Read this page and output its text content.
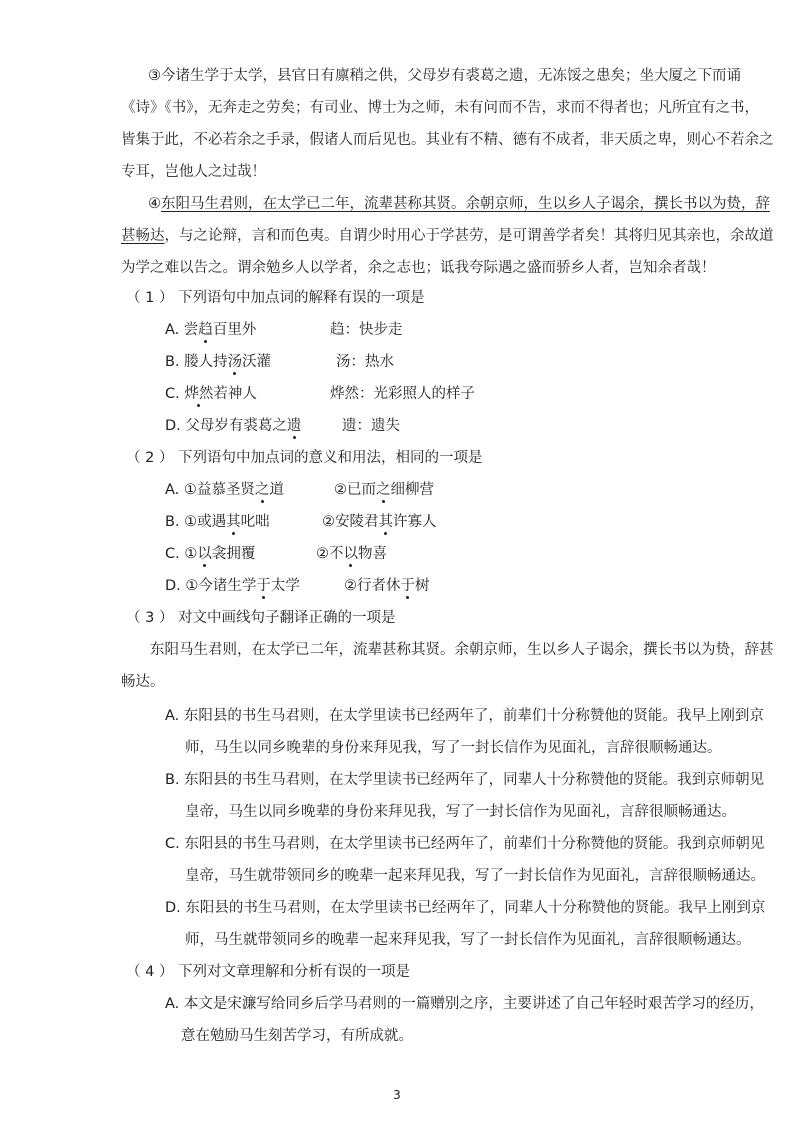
③今诸生学于太学，县官日有廪稍之供，父母岁有裘葛之遗，无冻馁之患矣；坐大厦之下而诵
《诗》《书》，无奔走之劳矣；有司业、博士为之师，未有问而不告，求而不得者也；凡所宜有之书，
皆集于此，不必若余之手录，假诸人而后见也。其业有不精、德有不成者，非天质之卑，则心不若余之
专耳，岂他人之过哉！
④东阳马生君则，在太学已二年，流辈甚称其贤。余朝京师，生以乡人子谒余，撰长书以为贽，辞
甚畅达，与之论辩，言和而色夷。自谓少时用心于学甚劳，是可谓善学者矣！其将归见其亲也，余故道
为学之难以告之。谓余勉乡人以学者，余之志也；诋我夸际遇之盛而骄乡人者，岂知余者哉！
（ 1 ） 下列语句中加点词的解释有误的一项是
A. 尝趋百里外	趋：快步走
B. 媵人持汤沃灌	汤：热水
C. 烨然若神人	烨然：光彩照人的样子
D. 父母岁有裘葛之遗	遗：遗失
（ 2 ） 下列语句中加点词的意义和用法，相同的一项是
A. ①益慕圣贤之道	②已而之细柳营
B. ①或遇其叱咄	②安陵君其许寡人
C. ①以衾拥覆	②不以物喜
D. ①今诸生学于太学	②行者休于树
（ 3 ） 对文中画线句子翻译正确的一项是
东阳马生君则，在太学已二年，流辈甚称其贤。余朝京师，生以乡人子谒余，撰长书以为贽，辞甚
畅达。
A. 东阳县的书生马君则，在太学里读书已经两年了，前辈们十分称赞他的贤能。我早上刚到京
师，马生以同乡晚辈的身份来拜见我，写了一封长信作为见面礼，言辞很顺畅通达。
B. 东阳县的书生马君则，在太学里读书已经两年了，同辈人十分称赞他的贤能。我到京师朝见
皇帝，马生以同乡晚辈的身份来拜见我，写了一封长信作为见面礼，言辞很顺畅通达。
C. 东阳县的书生马君则，在太学里读书已经两年了，前辈们十分称赞他的贤能。我到京师朝见
皇帝，马生就带领同乡的晚辈一起来拜见我，写了一封长信作为见面礼，言辞很顺畅通达。
D. 东阳县的书生马君则，在太学里读书已经两年了，同辈人十分称赞他的贤能。我早上刚到京
师，马生就带领同乡的晚辈一起来拜见我，写了一封长信作为见面礼，言辞很顺畅通达。
（ 4 ） 下列对文章理解和分析有误的一项是
A. 本文是宋濂写给同乡后学马君则的一篇赠别之序，主要讲述了自己年轻时艰苦学习的经历，
意在勉励马生刻苦学习，有所成就。
3
